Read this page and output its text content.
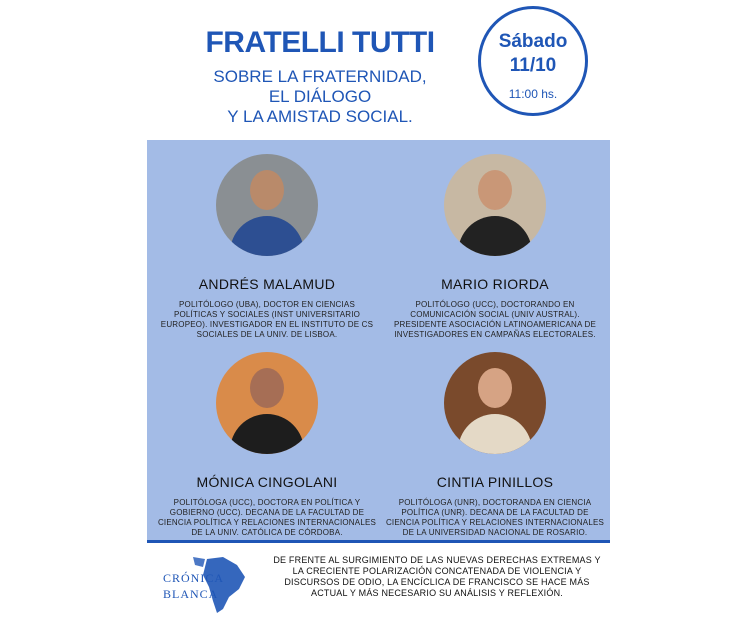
FRATELLI TUTTI
SOBRE LA FRATERNIDAD,
EL DIÁLOGO
Y LA AMISTAD SOCIAL.
Sábado
11/10
11:00 hs.
ANDRÉS MALAMUD
POLITÓLOGO (UBA), DOCTOR EN CIENCIAS POLÍTICAS Y SOCIALES (INST UNIVERSITARIO EUROPEO). INVESTIGADOR EN EL INSTITUTO DE CS SOCIALES DE LA UNIV. DE LISBOA.
MARIO RIORDA
POLITÓLOGO (UCC), DOCTORANDO EN COMUNICACIÓN SOCIAL (UNIV AUSTRAL). PRESIDENTE ASOCIACIÓN LATINOAMERICANA DE INVESTIGADORES EN CAMPAÑAS ELECTORALES.
MÓNICA CINGOLANI
POLITÓLOGA (UCC), DOCTORA EN POLÍTICA Y GOBIERNO (UCC). DECANA DE LA FACULTAD DE CIENCIA POLÍTICA Y RELACIONES INTERNACIONALES DE LA UNIV. CATÓLICA DE CÓRDOBA.
CINTIA PINILLOS
POLITÓLOGA (UNR), DOCTORANDA EN CIENCIA POLÍTICA (UNR). DECANA DE LA FACULTAD DE CIENCIA POLÍTICA Y RELACIONES INTERNACIONALES DE LA UNIVERSIDAD NACIONAL DE ROSARIO.
CRÓNICA
BLANCA
DE FRENTE AL SURGIMIENTO DE LAS NUEVAS DERECHAS EXTREMAS Y LA CRECIENTE POLARIZACIÓN CONCATENADA DE VIOLENCIA Y DISCURSOS DE ODIO, LA ENCÍCLICA DE FRANCISCO SE HACE MÁS ACTUAL Y MÁS NECESARIO SU ANÁLISIS Y REFLEXIÓN.
